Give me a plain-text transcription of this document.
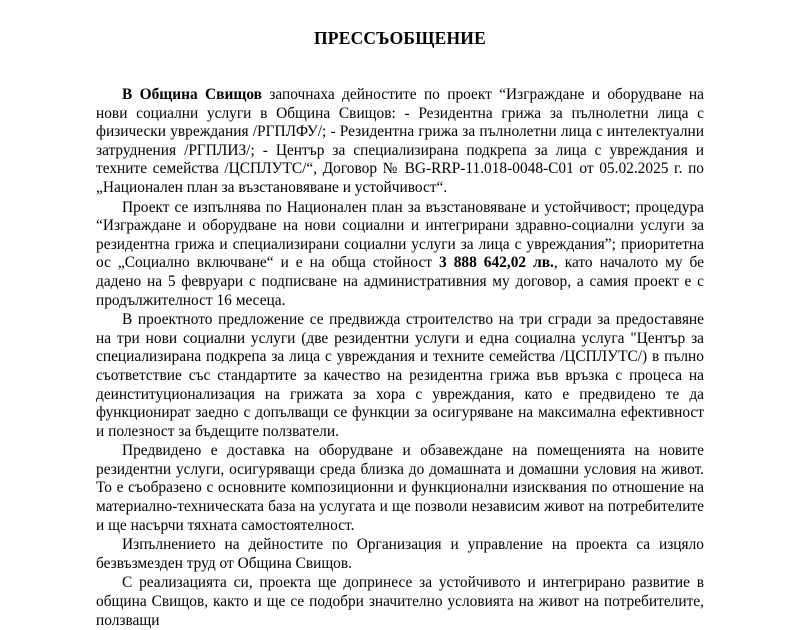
ПРЕССЪОБЩЕНИЕ

В Община Свищов започнаха дейностите по проект “Изграждане и оборудване на нови социални услуги в Община Свищов: - Резидентна грижа за пълнолетни лица с физически увреждания /РГПЛФУ/; - Резидентна грижа за пълнолетни лица с интелектуални затруднения /РГПЛИЗ/; - Център за специализирана подкрепа за лица с увреждания и техните семейства /ЦСПЛУТС/“, Договор № BG-RRP-11.018-0048-C01 от 05.02.2025 г. по „Национален план за възстановяване и устойчивост“.

Проект се изпълнява по Национален план за възстановяване и устойчивост; процедура “Изграждане и оборудване на нови социални и интегрирани здравно-социални услуги за резидентна грижа и специализирани социални услуги за лица с увреждания”; приоритетна ос „Социално включване“ и е на обща стойност 3 888 642,02 лв., като началото му бе дадено на 5 февруари с подписване на административния му договор, а самия проект е с продължителност 16 месеца.

В проектното предложение се предвижда строителство на три сгради за предоставяне на три нови социални услуги (две резидентни услуги и една социална услуга "Център за специализирана подкрепа за лица с увреждания и техните семейства /ЦСПЛУТС/) в пълно съответствие със стандартите за качество на резидентна грижа във връзка с процеса на деинституционализация на грижата за хора с увреждания, като е предвидено те да функционират заедно с допълващи се функции за осигуряване на максимална ефективност и полезност за бъдещите ползватели.

Предвидено е доставка на оборудване и обзавеждане на помещенията на новите резидентни услуги, осигуряващи среда близка до домашната и домашни условия на живот. То е съобразено с основните композиционни и функционални изисквания по отношение на материално-техническата база на услугата и ще позволи независим живот на потребителите и ще насърчи тяхната самостоятелност.

Изпълнението на дейностите по Организация и управление на проекта са изцяло безвъзмезден труд от Община Свищов.

С реализацията си, проекта ще допринесе за устойчивото и интегрирано развитие в община Свищов, както и ще се подобри значително условията на живот на потребителите, ползващи
